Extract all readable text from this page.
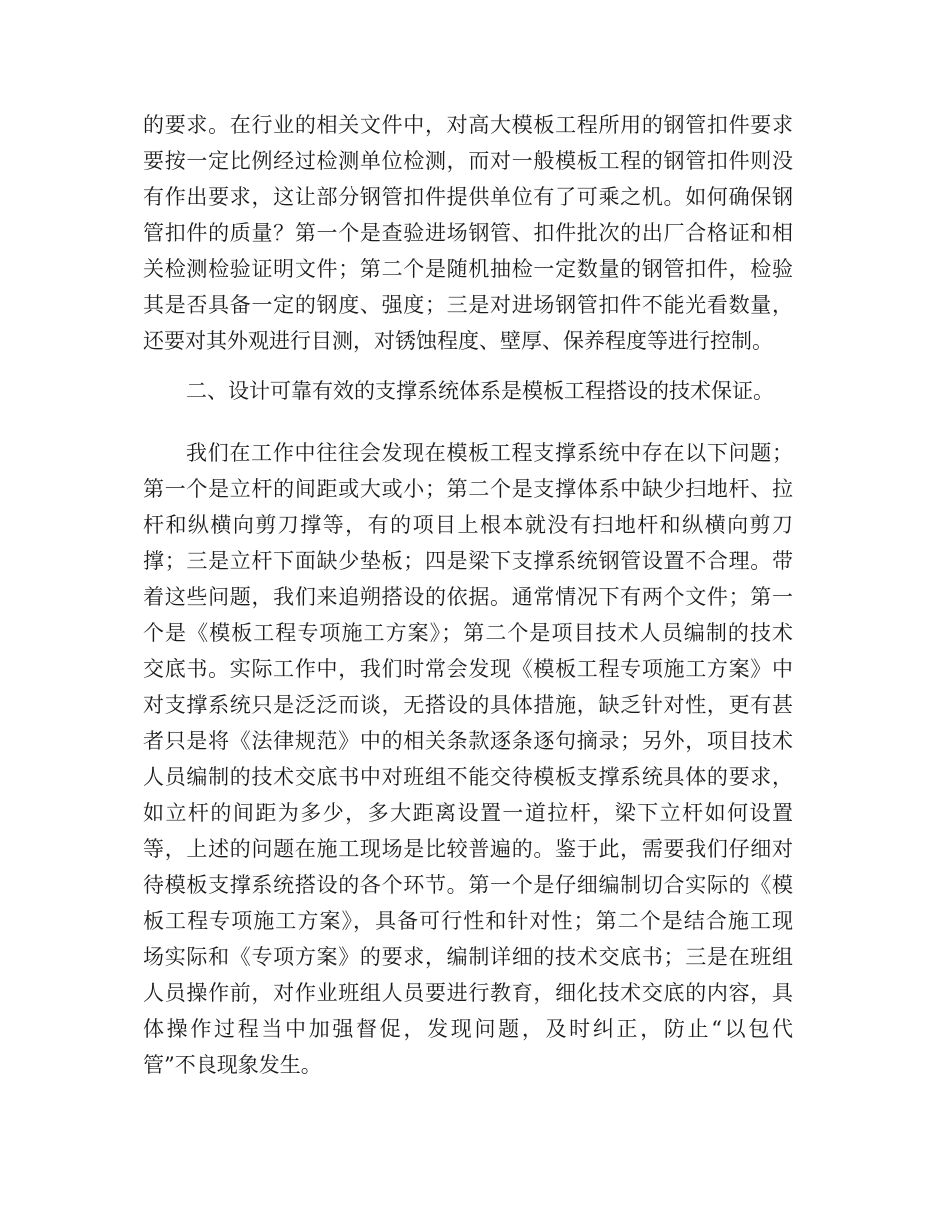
的要求。在行业的相关文件中，对高大模板工程所用的钢管扣件要求
要按一定比例经过检测单位检测，而对一般模板工程的钢管扣件则没
有作出要求，这让部分钢管扣件提供单位有了可乘之机。如何确保钢
管扣件的质量？第一个是查验进场钢管、扣件批次的出厂合格证和相
关检测检验证明文件；第二个是随机抽检一定数量的钢管扣件，检验
其是否具备一定的钢度、强度；三是对进场钢管扣件不能光看数量，
还要对其外观进行目测，对锈蚀程度、壁厚、保养程度等进行控制。
二、设计可靠有效的支撑系统体系是模板工程搭设的技术保证。
我们在工作中往往会发现在模板工程支撑系统中存在以下问题；
第一个是立杆的间距或大或小；第二个是支撑体系中缺少扫地杆、拉
杆和纵横向剪刀撑等，有的项目上根本就没有扫地杆和纵横向剪刀
撑；三是立杆下面缺少垫板；四是梁下支撑系统钢管设置不合理。带
着这些问题，我们来追朔搭设的依据。通常情况下有两个文件；第一
个是《模板工程专项施工方案》；第二个是项目技术人员编制的技术
交底书。实际工作中，我们时常会发现《模板工程专项施工方案》中
对支撑系统只是泛泛而谈，无搭设的具体措施，缺乏针对性，更有甚
者只是将《法律规范》中的相关条款逐条逐句摘录；另外，项目技术
人员编制的技术交底书中对班组不能交待模板支撑系统具体的要求，
如立杆的间距为多少，多大距离设置一道拉杆，梁下立杆如何设置
等，上述的问题在施工现场是比较普遍的。鉴于此，需要我们仔细对
待模板支撑系统搭设的各个环节。第一个是仔细编制切合实际的《模
板工程专项施工方案》，具备可行性和针对性；第二个是结合施工现
场实际和《专项方案》的要求，编制详细的技术交底书；三是在班组
人员操作前，对作业班组人员要进行教育，细化技术交底的内容，具
体操作过程当中加强督促，发现问题，及时纠正，防止“以包代
管”不良现象发生。
